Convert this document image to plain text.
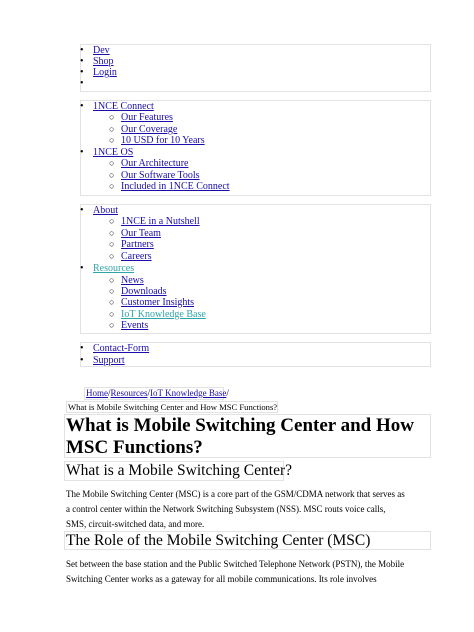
• Dev
• Shop
• Login
•
• 1NCE Connect
○ Our Features
○ Our Coverage
○ 10 USD for 10 Years
• 1NCE OS
○ Our Architecture
○ Our Software Tools
○ Included in 1NCE Connect
• About
○ 1NCE in a Nutshell
○ Our Team
○ Partners
○ Careers
• Resources
○ News
○ Downloads
○ Customer Insights
○ IoT Knowledge Base
○ Events
• Contact-Form
• Support
Home/Resources/IoT Knowledge Base/
What is Mobile Switching Center and How MSC Functions?
What is Mobile Switching Center and How
MSC Functions?
What is a Mobile Switching Center?

The Mobile Switching Center (MSC) is a core part of the GSM/CDMA network that serves as

a control center within the Network Switching Subsystem (NSS). MSC routs voice calls,

SMS, circuit-switched data, and more.

The Role of the Mobile Switching Center (MSC)

Set between the base station and the Public Switched Telephone Network (PSTN), the Mobile

Switching Center works as a gateway for all mobile communications. Its role involves
